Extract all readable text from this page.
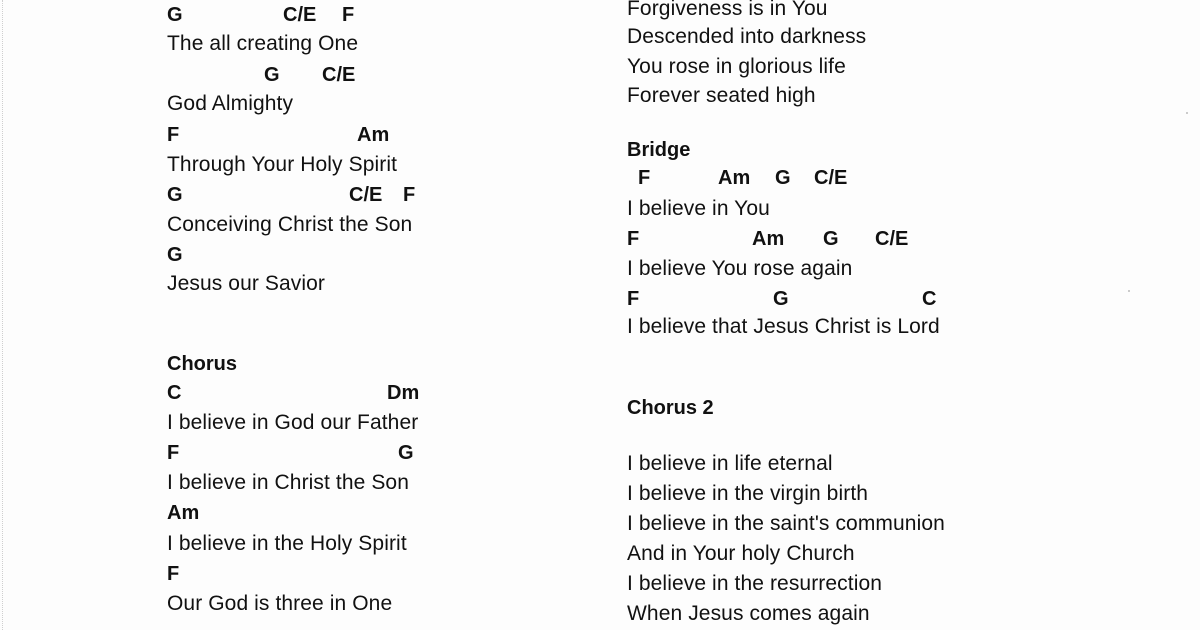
G	C/E F
The all creating One
G C/E
God Almighty
F	Am
Through Your Holy Spirit
G	C/E F
Conceiving Christ the Son
G
Jesus our Savior
Chorus
C	Dm
I believe in God our Father
F	G
I believe in Christ the Son
Am
I believe in the Holy Spirit
F
Our God is three in One
Forgiveness is in You
Descended into darkness
You rose in glorious life
Forever seated high
Bridge
F	Am G C/E
I believe in You
F	Am G C/E
I believe You rose again
F	G	C
I believe that Jesus Christ is Lord
Chorus 2
I believe in life eternal
I believe in the virgin birth
I believe in the saint's communion
And in Your holy Church
I believe in the resurrection
When Jesus comes again
